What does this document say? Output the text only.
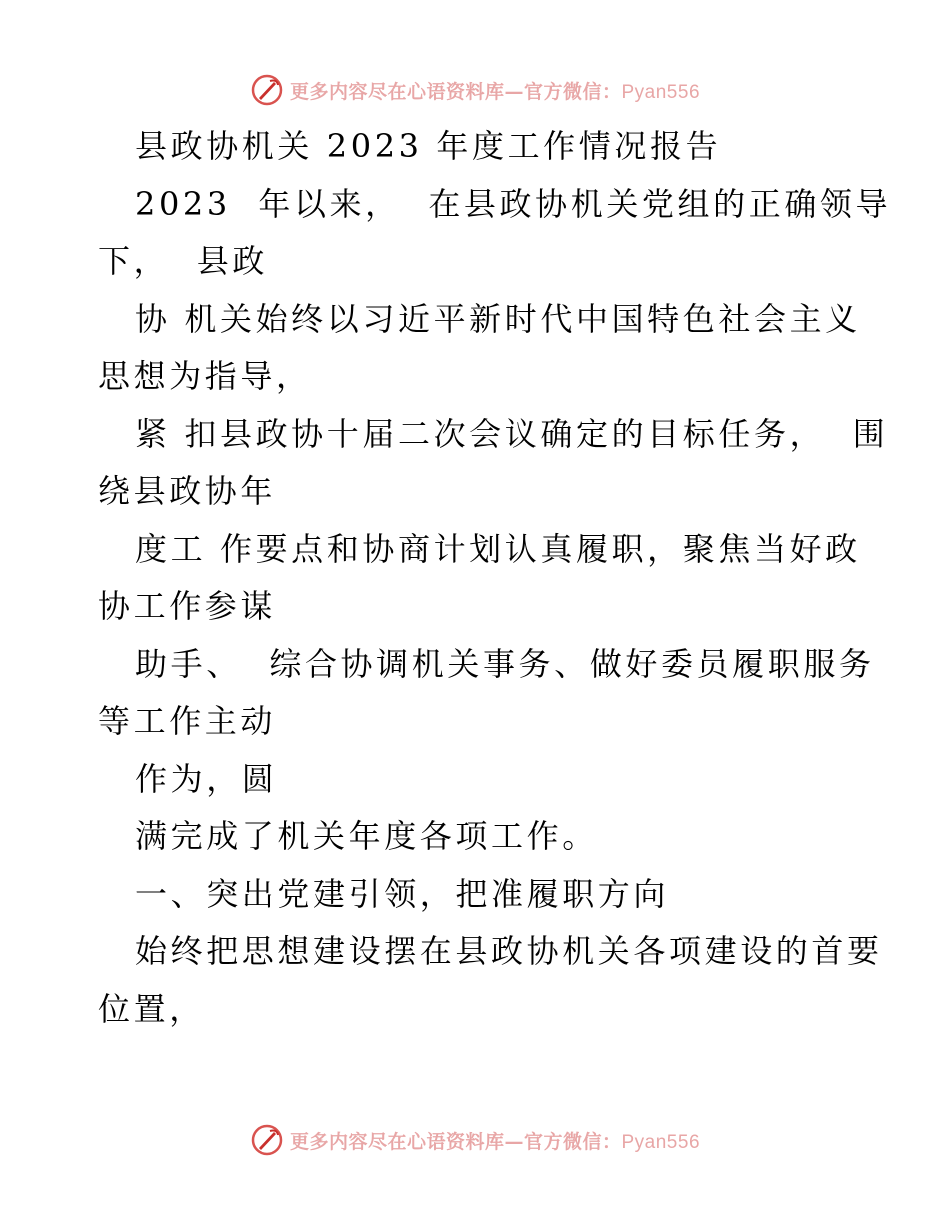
更多内容尽在心语资料库—官方微信：Pyan556
县政协机关 2023 年度工作情况报告
2023  年以来，  在县政协机关党组的正确领导
下，  县政
协 机关始终以习近平新时代中国特色社会主义
思想为指导，
紧 扣县政协十届二次会议确定的目标任务，  围
绕县政协年
度工 作要点和协商计划认真履职，聚焦当好政
协工作参谋
助手、  综合协调机关事务、做好委员履职服务
等工作主动
作为，圆
满完成了机关年度各项工作。
一、突出党建引领，把准履职方向
始终把思想建设摆在县政协机关各项建设的首要
位置，
更多内容尽在心语资料库—官方微信：Pyan556
